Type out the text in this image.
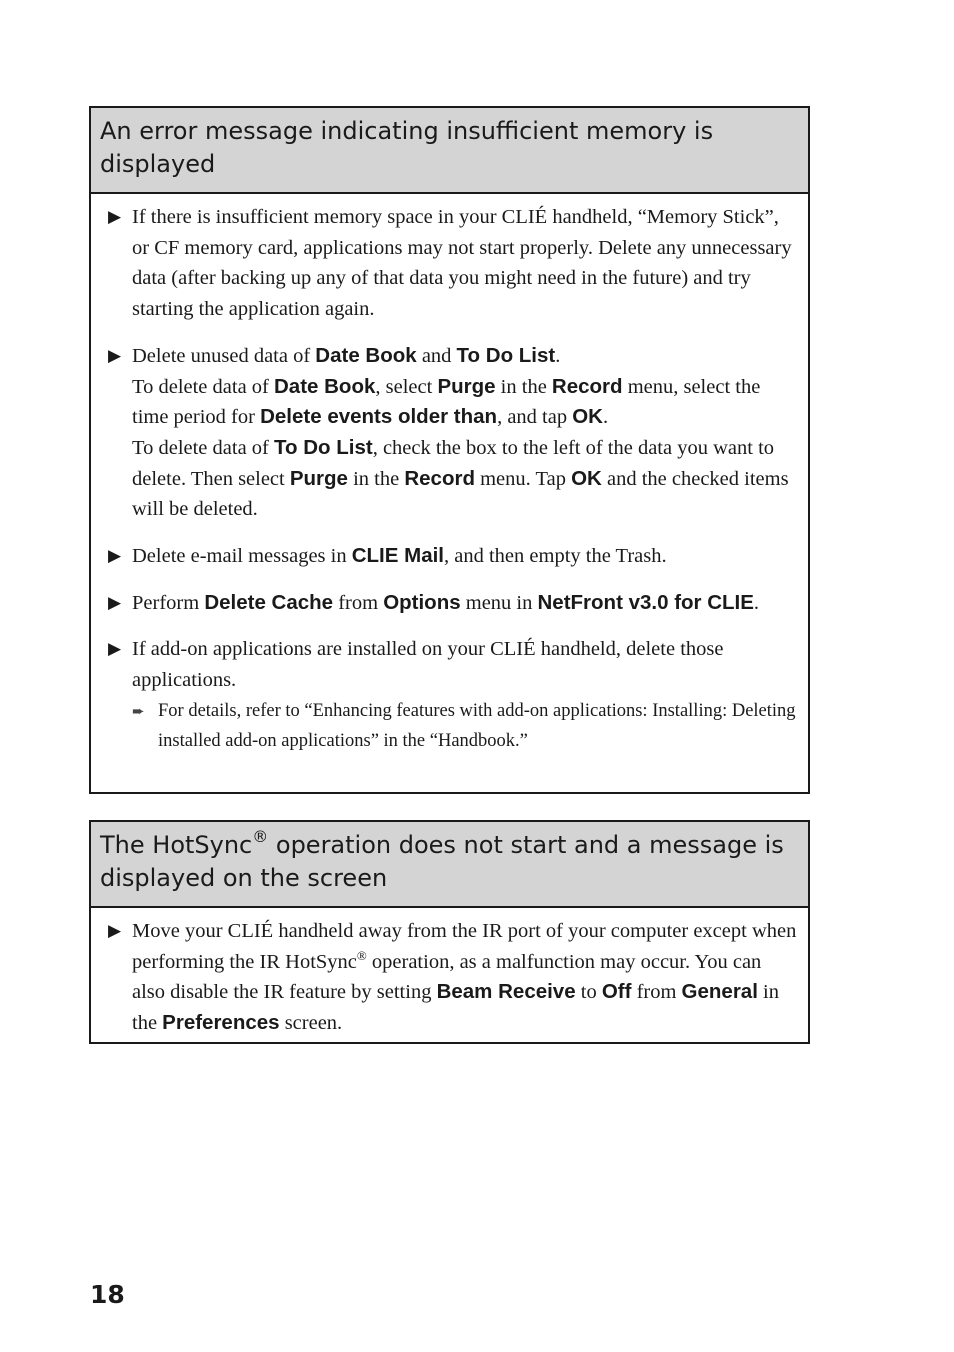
An error message indicating insufficient memory is displayed
▶ If there is insufficient memory space in your CLIÉ handheld, “Memory Stick”, or CF memory card, applications may not start properly. Delete any unnecessary data (after backing up any of that data you might need in the future) and try starting the application again.
▶ Delete unused data of Date Book and To Do List.
To delete data of Date Book, select Purge in the Record menu, select the time period for Delete events older than, and tap OK.
To delete data of To Do List, check the box to the left of the data you want to delete. Then select Purge in the Record menu. Tap OK and the checked items will be deleted.
▶ Delete e-mail messages in CLIE Mail, and then empty the Trash.
▶ Perform Delete Cache from Options menu in NetFront v3.0 for CLIE.
▶ If add-on applications are installed on your CLIÉ handheld, delete those applications.
➨ For details, refer to “Enhancing features with add-on applications: Installing: Deleting installed add-on applications” in the “Handbook.”
The HotSync® operation does not start and a message is displayed on the screen
▶ Move your CLIÉ handheld away from the IR port of your computer except when performing the IR HotSync® operation, as a malfunction may occur. You can also disable the IR feature by setting Beam Receive to Off from General in the Preferences screen.
18
